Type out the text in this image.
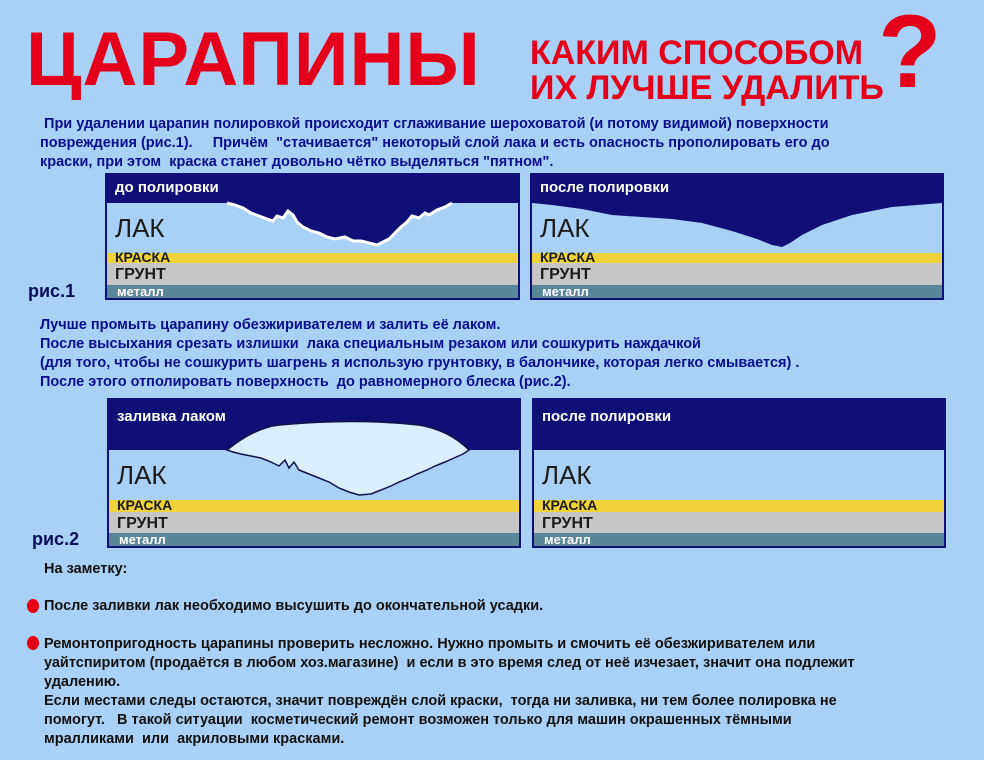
ЦАРАПИНЫ КАКИМ СПОСОБОМ
ИХ ЛУЧШЕ УДАЛИТЬ
?
При удалении царапин полировкой происходит сглаживание шероховатой (и потому видимой) поверхности
повреждения (рис.1).     Причём  "стачивается" некоторый слой лака и есть опасность прополировать его до
краски, при этом  краска станет довольно чётко выделяться "пятном".
рис.1
до полировки
ЛАК
КРАСКА
ГРУНТ
металл
после полировки
ЛАК
КРАСКА
ГРУНТ
металл
Лучше промыть царапину обезжиривателем и залить её лаком.
После высыхания срезать излишки  лака специальным резаком или сошкурить наждачкой
(для того, чтобы не сошкурить шагрень я использую грунтовку, в балончике, которая легко смывается) .
После этого отполировать поверхность  до равномерного блеска (рис.2).
рис.2
заливка лаком
ЛАК
КРАСКА
ГРУНТ
металл
после полировки
ЛАК
КРАСКА
ГРУНТ
металл
На заметку:
После заливки лак необходимо высушить до окончательной усадки.
Ремонтопригодность царапины проверить несложно. Нужно промыть и смочить её обезжиривателем или
уайтспиритом (продаётся в любом хоз.магазине)  и если в это время след от неё изчезает, значит она подлежит
удалению.
Если местами следы остаются, значит повреждён слой краски,  тогда ни заливка, ни тем более полировка не
помогут.   В такой ситуации  косметический ремонт возможен только для машин окрашенных тёмными
мралликами  или  акриловыми красками.
